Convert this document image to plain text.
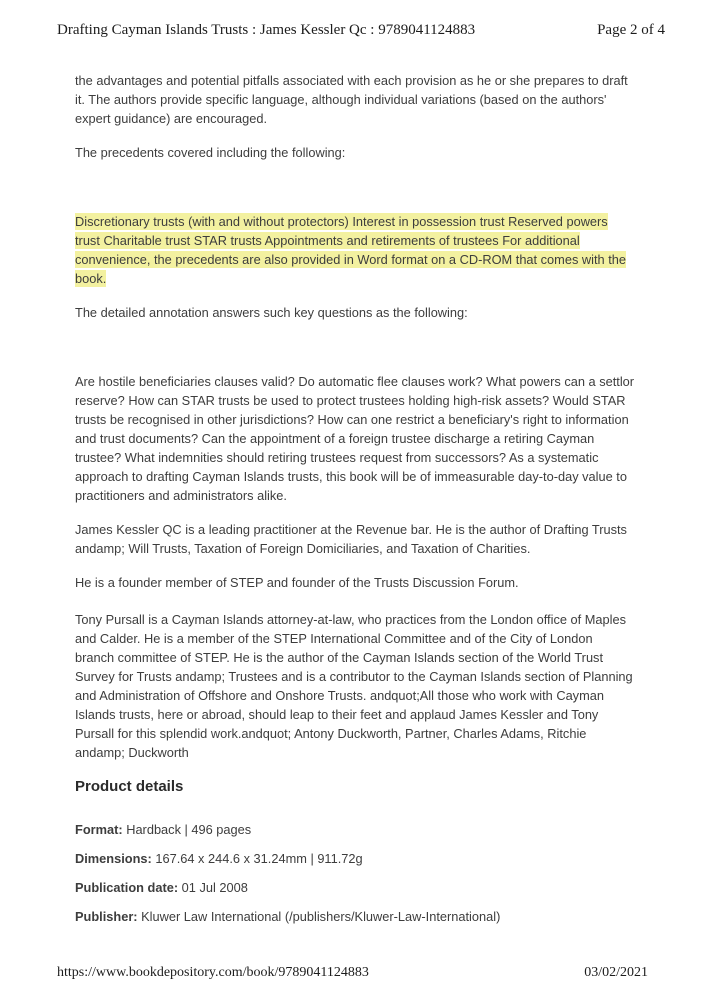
Drafting Cayman Islands Trusts : James Kessler Qc : 9789041124883	Page 2 of 4

the advantages and potential pitfalls associated with each provision as he or she prepares to draft it. The authors provide specific language, although individual variations (based on the authors' expert guidance) are encouraged.

The precedents covered including the following:

Discretionary trusts (with and without protectors) Interest in possession trust Reserved powers trust Charitable trust STAR trusts Appointments and retirements of trustees For additional convenience, the precedents are also provided in Word format on a CD-ROM that comes with the book.

The detailed annotation answers such key questions as the following:

Are hostile beneficiaries clauses valid? Do automatic flee clauses work? What powers can a settlor reserve? How can STAR trusts be used to protect trustees holding high-risk assets? Would STAR trusts be recognised in other jurisdictions? How can one restrict a beneficiary's right to information and trust documents? Can the appointment of a foreign trustee discharge a retiring Cayman trustee? What indemnities should retiring trustees request from successors? As a systematic approach to drafting Cayman Islands trusts, this book will be of immeasurable day-to-day value to practitioners and administrators alike.

James Kessler QC is a leading practitioner at the Revenue bar. He is the author of Drafting Trusts andamp; Will Trusts, Taxation of Foreign Domiciliaries, and Taxation of Charities.

He is a founder member of STEP and founder of the Trusts Discussion Forum.

Tony Pursall is a Cayman Islands attorney-at-law, who practices from the London office of Maples and Calder. He is a member of the STEP International Committee and of the City of London branch committee of STEP. He is the author of the Cayman Islands section of the World Trust Survey for Trusts andamp; Trustees and is a contributor to the Cayman Islands section of Planning and Administration of Offshore and Onshore Trusts. andquot;All those who work with Cayman Islands trusts, here or abroad, should leap to their feet and applaud James Kessler and Tony Pursall for this splendid work.andquot; Antony Duckworth, Partner, Charles Adams, Ritchie andamp; Duckworth

Product details
Format: Hardback | 496 pages
Dimensions: 167.64 x 244.6 x 31.24mm | 911.72g
Publication date: 01 Jul 2008
Publisher: Kluwer Law International (/publishers/Kluwer-Law-International)
https://www.bookdepository.com/book/9789041124883	03/02/2021
